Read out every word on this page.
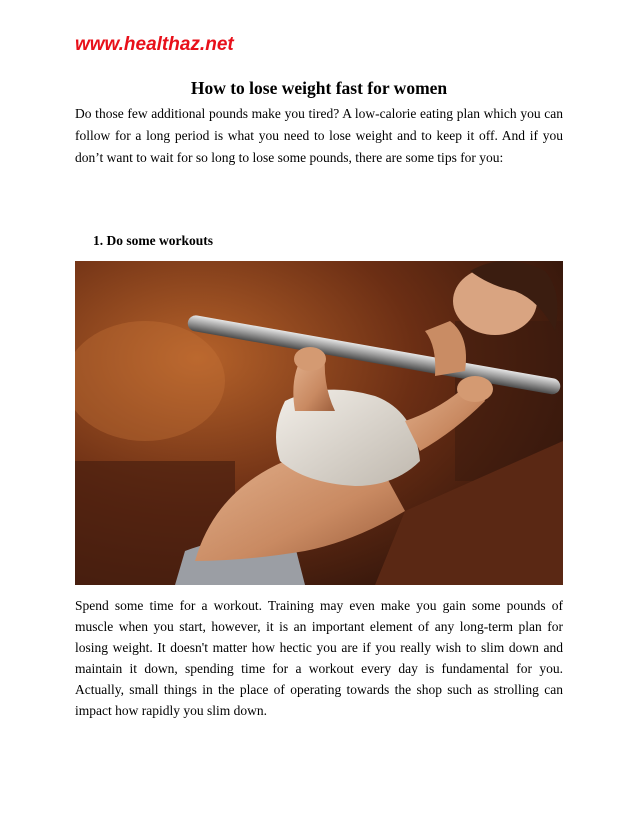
www.healthaz.net

How to lose weight fast for women

Do those few additional pounds make you tired? A low-calorie eating plan which you can follow for a long period is what you need to lose weight and to keep it off. And if you don’t want to wait for so long to lose some pounds, there are some tips for you:

1. Do some workouts

Spend some time for a workout. Training may even make you gain some pounds of muscle when you start, however, it is an important element of any long-term plan for losing weight. It doesn't matter how hectic you are if you really wish to slim down and maintain it down, spending time for a workout every day is fundamental for you. Actually, small things in the place of operating towards the shop such as strolling can impact how rapidly you slim down.
